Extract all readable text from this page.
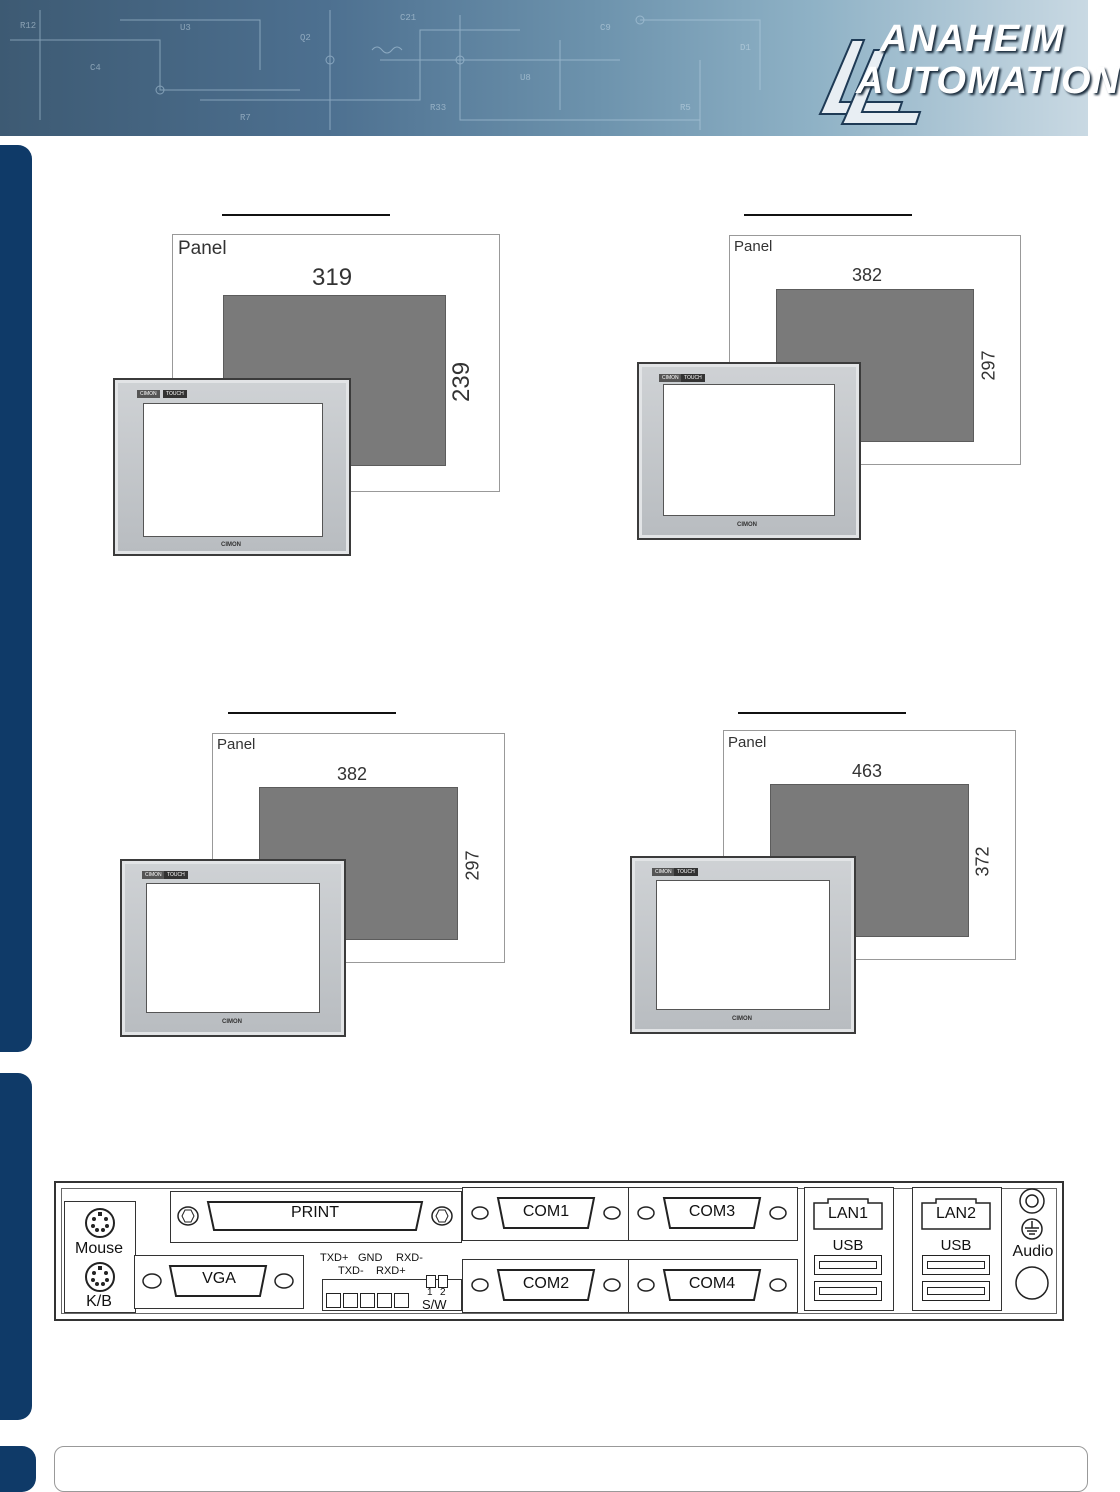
R12
C4
U3
R7
Q2
C21
R33
U8
C9
R5
D1	ANAHEIM
AUTOMATION
Panel
319
239
CIMON	TOUCH
CIMON
Panel
382
297
CIMON	TOUCH
CIMON
Panel
382
297
CIMON	TOUCH
CIMON
Panel
463
372
CIMON	TOUCH
CIMON
Mouse
K/B
PRINT
VGA
TXD+ GND RXD-
TXD- RXD+
1 2
S/W
COM1	COM3
COM2	COM4
LAN1
USB
LAN2
USB	Audio
